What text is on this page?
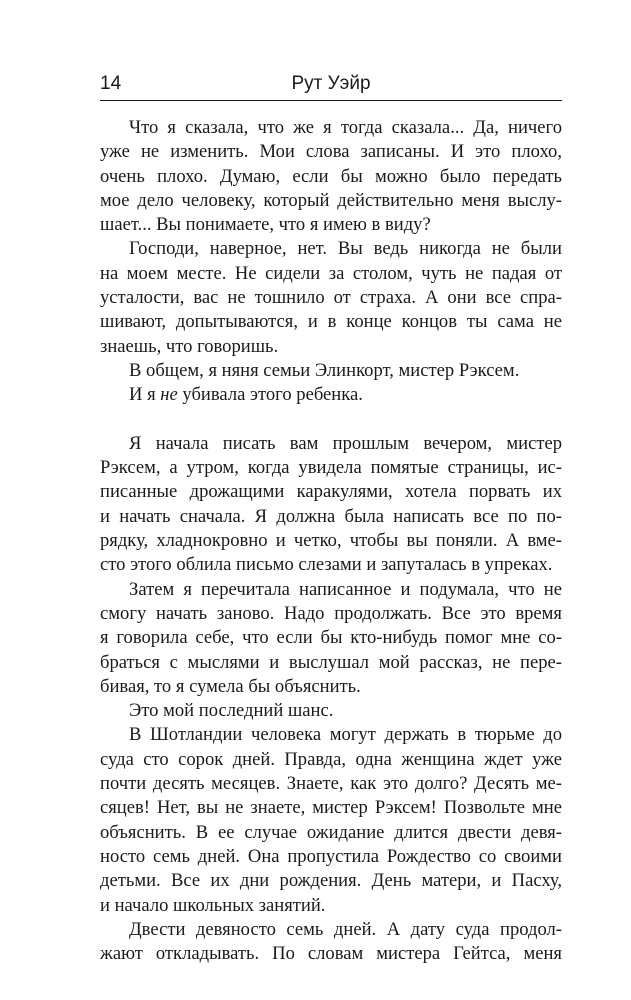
14	Рут Уэйр
Что я сказала, что же я тогда сказала... Да, ничего
уже не изменить. Мои слова записаны. И это плохо,
очень плохо. Думаю, если бы можно было передать
мое дело человеку, который действительно меня выслу-
шает... Вы понимаете, что я имею в виду?
Господи, наверное, нет. Вы ведь никогда не были
на моем месте. Не сидели за столом, чуть не падая от
усталости, вас не тошнило от страха. А они все спра-
шивают, допытываются, и в конце концов ты сама не
знаешь, что говоришь.
В общем, я няня семьи Элинкорт, мистер Рэксем.
И я не убивала этого ребенка.
Я начала писать вам прошлым вечером, мистер
Рэксем, а утром, когда увидела помятые страницы, ис-
писанные дрожащими каракулями, хотела порвать их
и начать сначала. Я должна была написать все по по-
рядку, хладнокровно и четко, чтобы вы поняли. А вме-
сто этого облила письмо слезами и запуталась в упреках.
Затем я перечитала написанное и подумала, что не
смогу начать заново. Надо продолжать. Все это время
я говорила себе, что если бы кто-нибудь помог мне со-
браться с мыслями и выслушал мой рассказ, не пере-
бивая, то я сумела бы объяснить.
Это мой последний шанс.
В Шотландии человека могут держать в тюрьме до
суда сто сорок дней. Правда, одна женщина ждет уже
почти десять месяцев. Знаете, как это долго? Десять ме-
сяцев! Нет, вы не знаете, мистер Рэксем! Позвольте мне
объяснить. В ее случае ожидание длится двести девя-
носто семь дней. Она пропустила Рождество со своими
детьми. Все их дни рождения. День матери, и Пасху,
и начало школьных занятий.
Двести девяносто семь дней. А дату суда продол-
жают откладывать. По словам мистера Гейтса, меня
